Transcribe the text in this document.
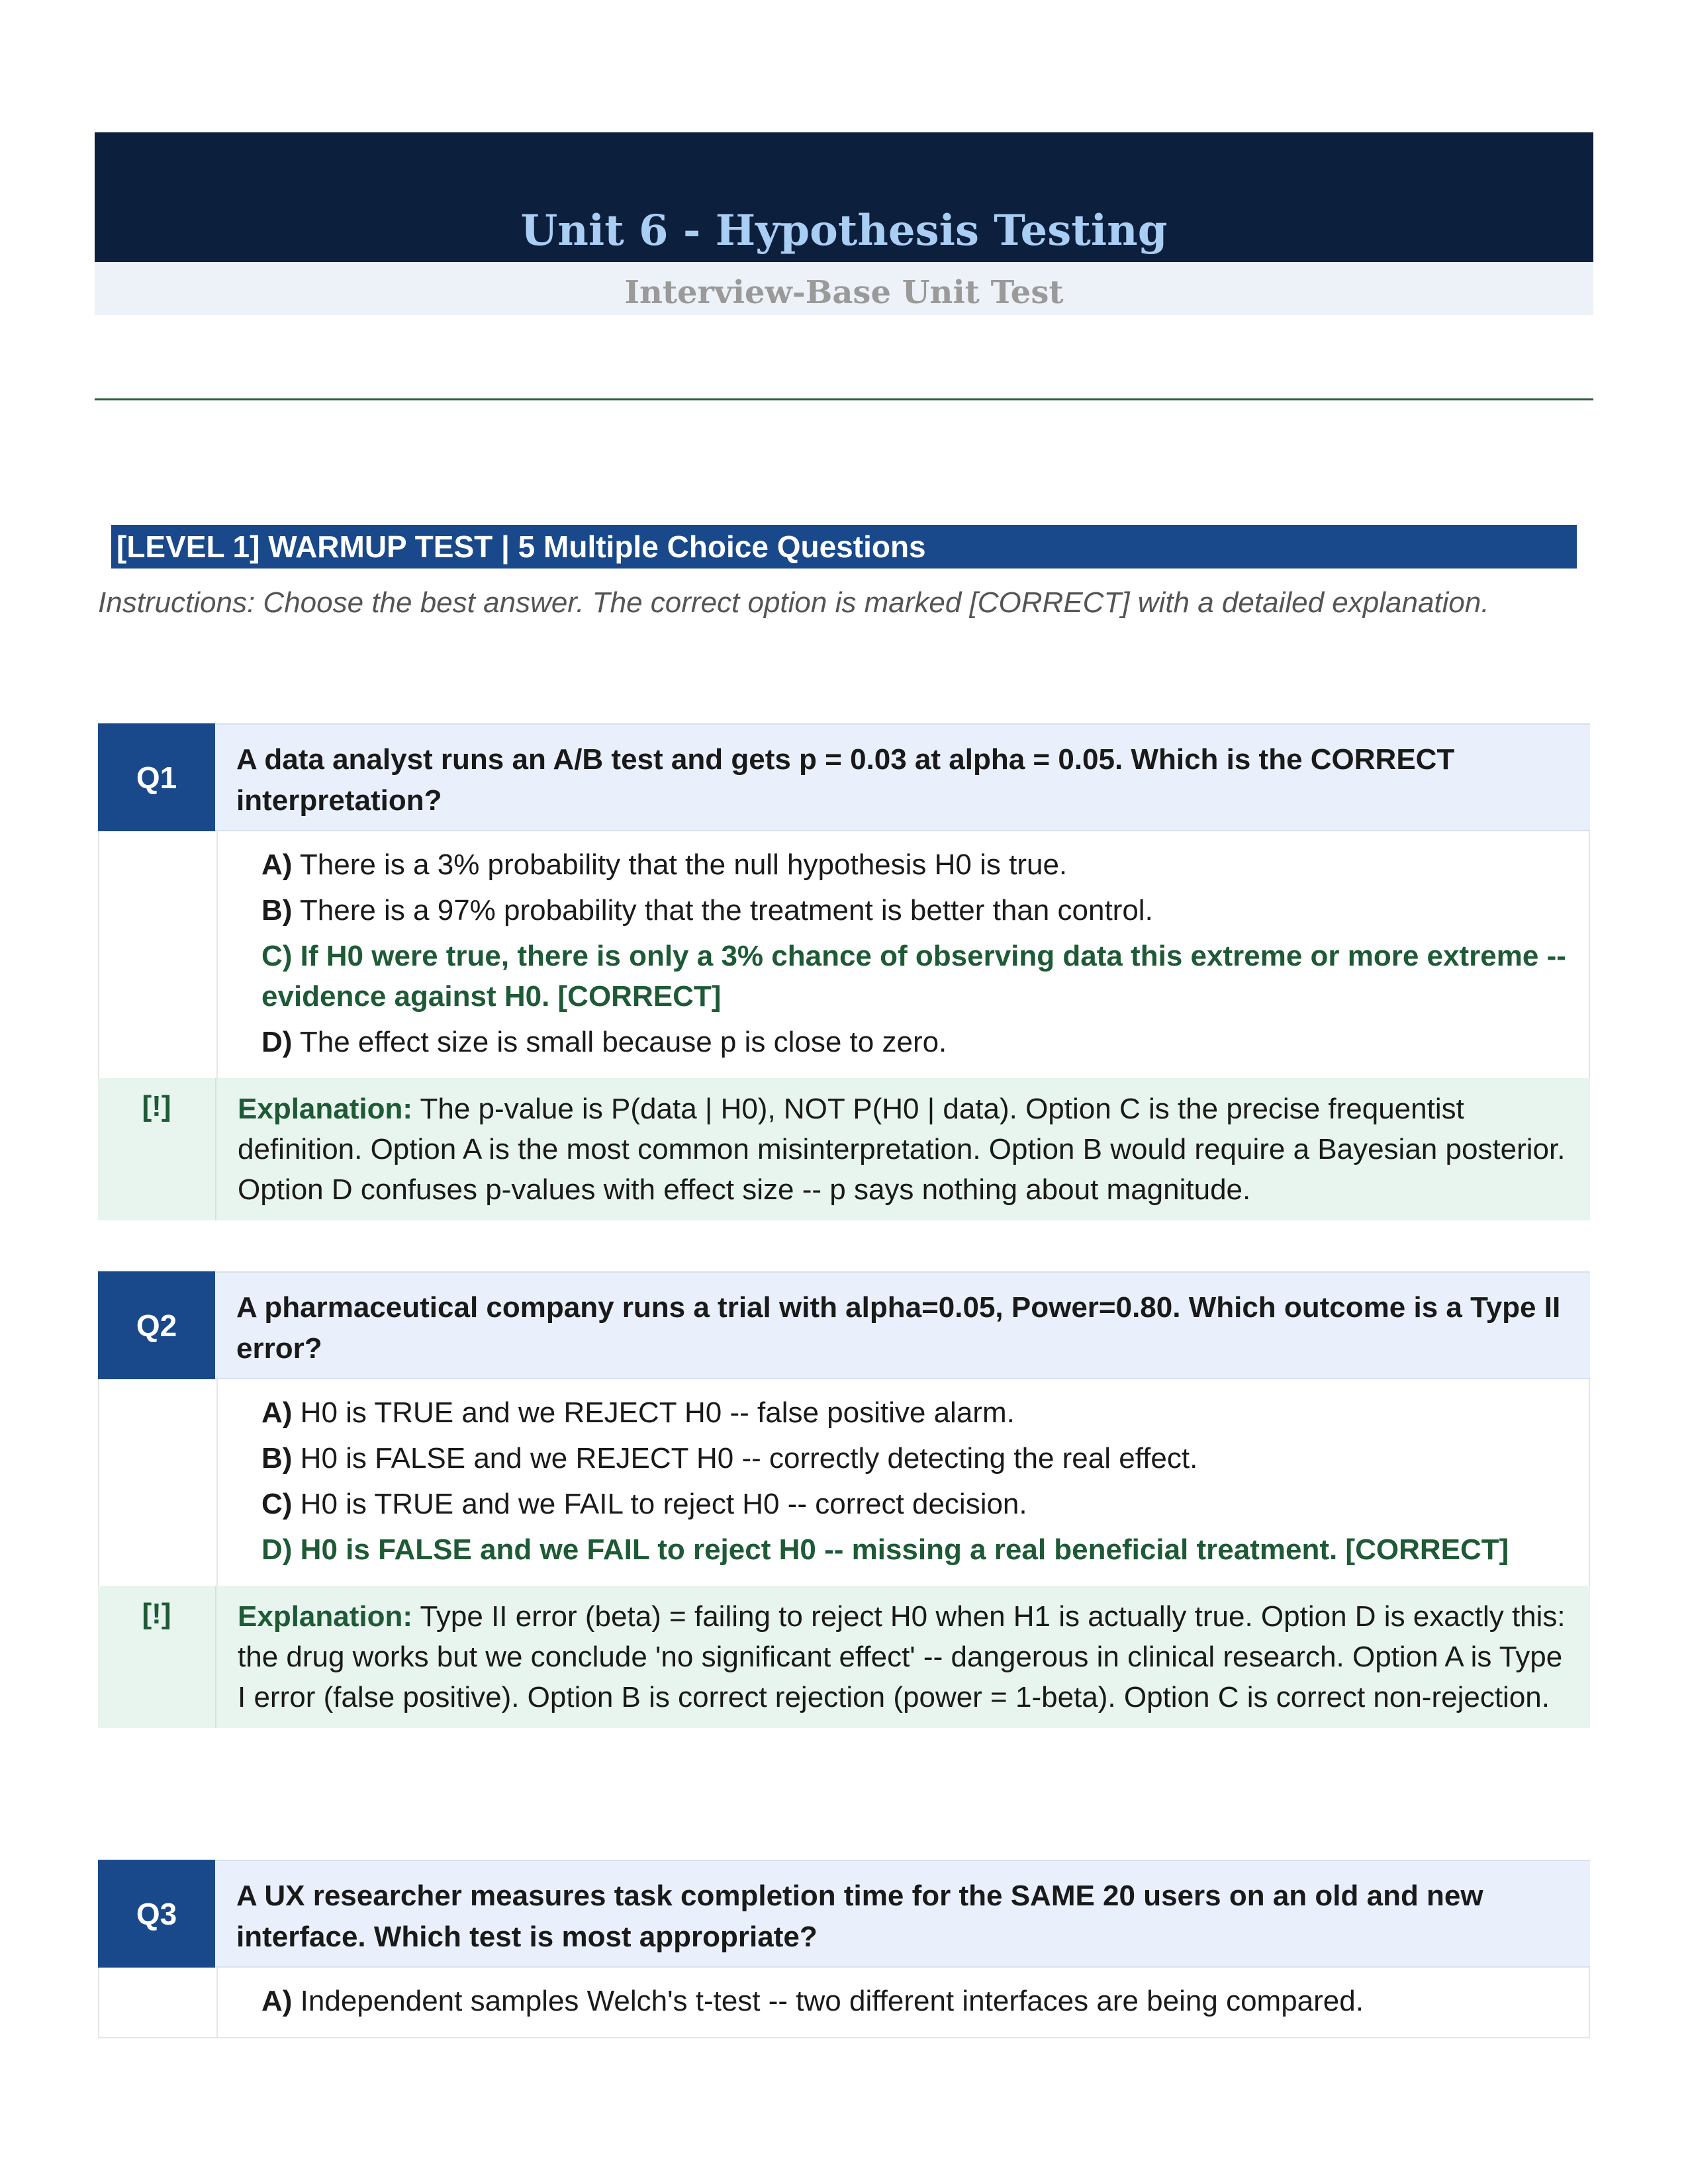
Unit 6 - Hypothesis Testing
Interview-Base Unit Test
[LEVEL 1] WARMUP TEST | 5 Multiple Choice Questions
Instructions: Choose the best answer. The correct option is marked [CORRECT] with a detailed explanation.
Q1
A data analyst runs an A/B test and gets p = 0.03 at alpha = 0.05. Which is the CORRECT interpretation?
A) There is a 3% probability that the null hypothesis H0 is true.
B) There is a 97% probability that the treatment is better than control.
C) If H0 were true, there is only a 3% chance of observing data this extreme or more extreme -- evidence against H0. [CORRECT]
D) The effect size is small because p is close to zero.
[!]	Explanation: The p-value is P(data | H0), NOT P(H0 | data). Option C is the precise frequentist definition. Option A is the most common misinterpretation. Option B would require a Bayesian posterior. Option D confuses p-values with effect size -- p says nothing about magnitude.
Q2
A pharmaceutical company runs a trial with alpha=0.05, Power=0.80. Which outcome is a Type II error?
A) H0 is TRUE and we REJECT H0 -- false positive alarm.
B) H0 is FALSE and we REJECT H0 -- correctly detecting the real effect.
C) H0 is TRUE and we FAIL to reject H0 -- correct decision.
D) H0 is FALSE and we FAIL to reject H0 -- missing a real beneficial treatment. [CORRECT]
[!]	Explanation: Type II error (beta) = failing to reject H0 when H1 is actually true. Option D is exactly this: the drug works but we conclude 'no significant effect' -- dangerous in clinical research. Option A is Type I error (false positive). Option B is correct rejection (power = 1-beta). Option C is correct non-rejection.
Q3
A UX researcher measures task completion time for the SAME 20 users on an old and new interface. Which test is most appropriate?
A) Independent samples Welch's t-test -- two different interfaces are being compared.
